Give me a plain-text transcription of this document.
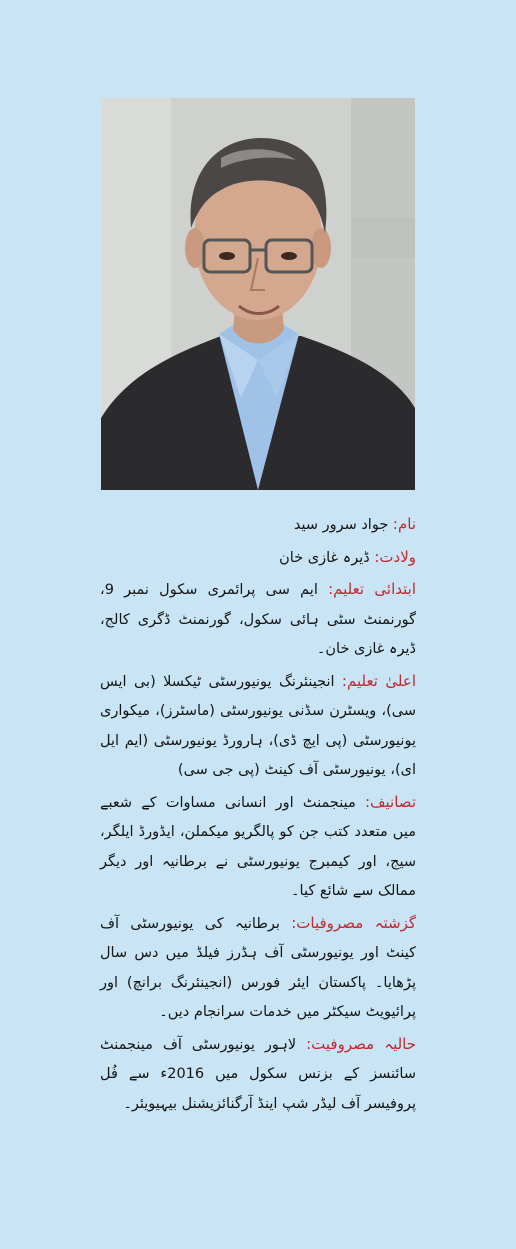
نام: جواد سرور سید
ولادت: ڈیرہ غازی خان
ابتدائی تعلیم: ایم سی پرائمری سکول نمبر 9، گورنمنٹ سٹی ہائی سکول، گورنمنٹ ڈگری کالج، ڈیرہ غازی خان۔
اعلیٰ تعلیم: انجینئرنگ یونیورسٹی ٹیکسلا (بی ایس سی)، ویسٹرن سڈنی یونیورسٹی (ماسٹرز)، میکواری یونیورسٹی (پی ایچ ڈی)، ہارورڈ یونیورسٹی (ایم ایل ای)، یونیورسٹی آف کینٹ (پی جی سی)
تصانیف: مینجمنٹ اور انسانی مساوات کے شعبے میں متعدد کتب جن کو پالگریو میکملن، ایڈورڈ ایلگر، سیج، اور کیمبرج یونیورسٹی نے برطانیہ اور دیگر ممالک سے شائع کیا۔
گزشتہ مصروفیات: برطانیہ کی یونیورسٹی آف کینٹ اور یونیورسٹی آف ہڈرز فیلڈ میں دس سال پڑھایا۔ پاکستان ایئر فورس (انجینئرنگ برانچ) اور پرائیویٹ سیکٹر میں خدمات سرانجام دیں۔
حالیہ مصروفیت: لاہور یونیورسٹی آف مینجمنٹ سائنسز کے بزنس سکول میں 2016ء سے فُل پروفیسر آف لیڈر شپ اینڈ آرگنائزیشنل بیہیویئر۔
